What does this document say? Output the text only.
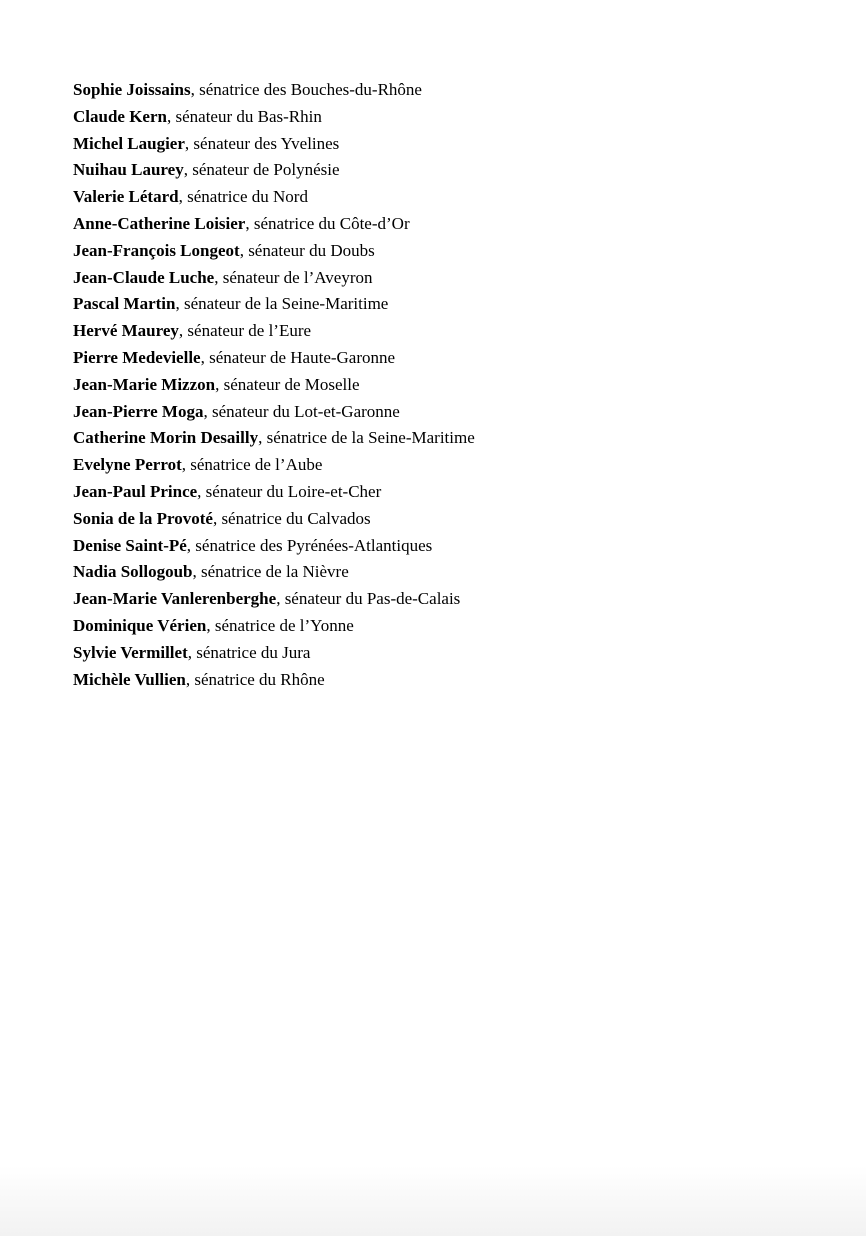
Sophie Joissains, sénatrice des Bouches-du-Rhône
Claude Kern, sénateur du Bas-Rhin
Michel Laugier, sénateur des Yvelines
Nuihau Laurey, sénateur de Polynésie
Valerie Létard, sénatrice du Nord
Anne-Catherine Loisier, sénatrice du Côte-d’Or
Jean-François Longeot, sénateur du Doubs
Jean-Claude Luche, sénateur de l’Aveyron
Pascal Martin, sénateur de la Seine-Maritime
Hervé Maurey, sénateur de l’Eure
Pierre Medevielle, sénateur de Haute-Garonne
Jean-Marie Mizzon, sénateur de Moselle
Jean-Pierre Moga, sénateur du Lot-et-Garonne
Catherine Morin Desailly, sénatrice de la Seine-Maritime
Evelyne Perrot, sénatrice de l’Aube
Jean-Paul Prince, sénateur du Loire-et-Cher
Sonia de la Provoté, sénatrice du Calvados
Denise Saint-Pé, sénatrice des Pyrénées-Atlantiques
Nadia Sollogoub, sénatrice de la Nièvre
Jean-Marie Vanlerenberghe, sénateur du Pas-de-Calais
Dominique Vérien, sénatrice de l’Yonne
Sylvie Vermillet, sénatrice du Jura
Michèle Vullien, sénatrice du Rhône
